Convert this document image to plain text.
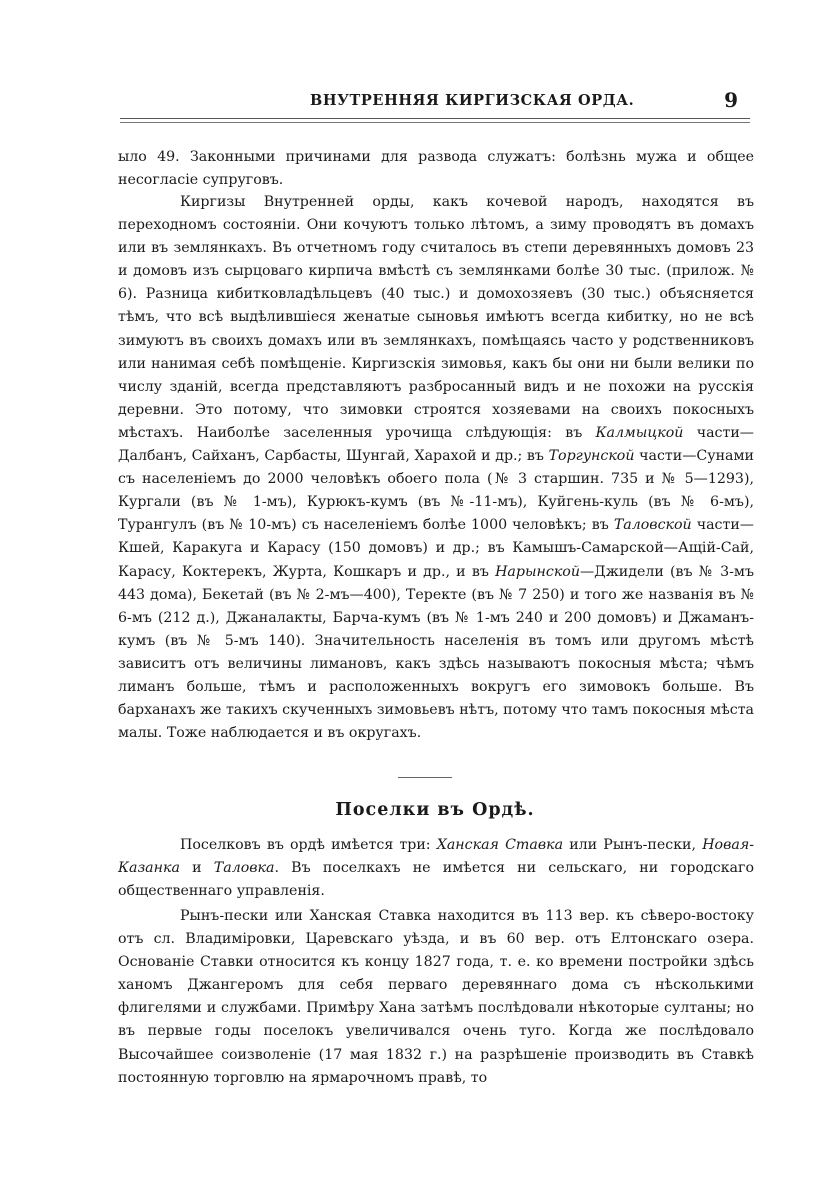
ВНУТРЕННЯЯ КИРГИЗСКАЯ ОРДА.	9

ыло 49. Законными причинами для развода служатъ: болѣзнь мужа и общее несогласіе супруговъ.

Киргизы Внутренней орды, какъ кочевой народъ, находятся въ переходномъ состояніи. Они кочуютъ только лѣтомъ, а зиму проводятъ въ домахъ или въ землянкахъ. Въ отчетномъ году считалось въ степи деревянныхъ домовъ 23 и домовъ изъ сырцоваго кирпича вмѣстѣ съ землянками болѣе 30 тыс. (прилож. № 6). Разница кибитковладѣльцевъ (40 тыс.) и домохозяевъ (30 тыс.) объясняется тѣмъ, что всѣ выдѣлившіеся женатые сыновья имѣютъ всегда кибитку, но не всѣ зимуютъ въ своихъ домахъ или въ землянкахъ, помѣщаясь часто у родственниковъ или нанимая себѣ помѣщеніе. Киргизскія зимовья, какъ бы они ни были велики по числу зданій, всегда представляютъ разбросанный видъ и не похожи на русскія деревни. Это потому, что зимовки строятся хозяевами на своихъ покосныхъ мѣстахъ. Наиболѣе заселенныя урочища слѣдующія: въ Калмыцкой части—Далбанъ, Сайханъ, Сарбасты, Шунгай, Харахой и др.; въ Торгунской части—Сунами съ населеніемъ до 2000 человѣкъ обоего пола (№ 3 старшин. 735 и № 5—1293), Кургали (въ № 1-мъ), Курюкъ-кумъ (въ №-11-мъ), Куйгень-куль (въ № 6-мъ), Турангулъ (въ № 10-мъ) съ населеніемъ болѣе 1000 человѣкъ; въ Таловской части—Кшей, Каракуга и Карасу (150 домовъ) и др.; въ Камышъ-Самарской—Ащій-Сай, Карасу, Коктерекъ, Журта, Кошкаръ и др., и въ Нарынской—Джидели (въ № 3-мъ 443 дома), Бекетай (въ № 2-мъ—400), Теректе (въ № 7 250) и того же названія въ № 6-мъ (212 д.), Джаналакты, Барча-кумъ (въ № 1-мъ 240 и 200 домовъ) и Джаманъ-кумъ (въ № 5-мъ 140). Значительность населенія въ томъ или другомъ мѣстѣ зависитъ отъ величины лимановъ, какъ здѣсь называютъ покосныя мѣста; чѣмъ лиманъ больше, тѣмъ и расположенныхъ вокругъ его зимовокъ больше. Въ барханахъ же такихъ скученныхъ зимовьевъ нѣтъ, потому что тамъ покосныя мѣста малы. Тоже наблюдается и въ округахъ.

Поселки въ Ордѣ.

Поселковъ въ ордѣ имѣется три: Ханская Ставка или Рынъ-пески, Новая-Казанка и Таловка. Въ поселкахъ не имѣется ни сельскаго, ни городскаго общественнаго управленія.

Рынъ-пески или Ханская Ставка находится въ 113 вер. къ сѣверо-востоку отъ сл. Владиміровки, Царевскаго уѣзда, и въ 60 вер. отъ Елтонскаго озера. Основаніе Ставки относится къ концу 1827 года, т. е. ко времени постройки здѣсь ханомъ Джангеромъ для себя перваго деревяннаго дома съ нѣсколькими флигелями и службами. Примѣру Хана затѣмъ послѣдовали нѣкоторые султаны; но въ первые годы поселокъ увеличивался очень туго. Когда же послѣдовало Высочайшее соизволеніе (17 мая 1832 г.) на разрѣшеніе производить въ Ставкѣ постоянную торговлю на ярмарочномъ правѣ, то
